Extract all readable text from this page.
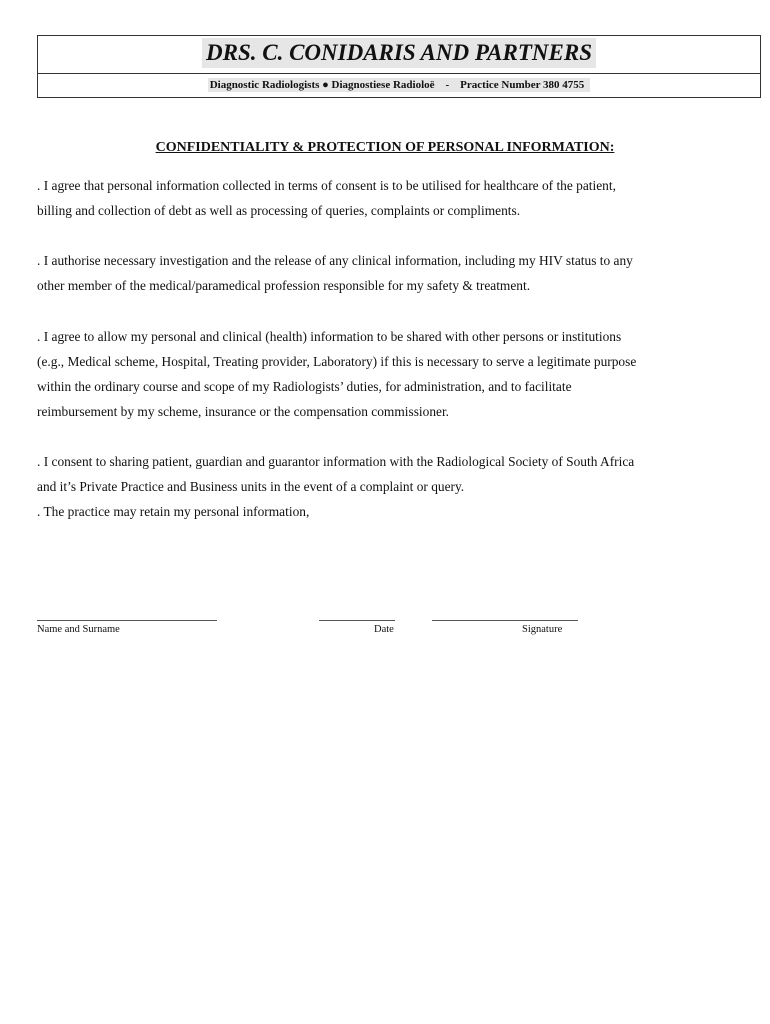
DRS. C. CONIDARIS AND PARTNERS
Diagnostic Radiologists ● Diagnostiese Radioloë    -    Practice Number 380 4755
CONFIDENTIALITY & PROTECTION OF PERSONAL INFORMATION:
. I agree that personal information collected in terms of consent is to be utilised for healthcare of the patient,
billing and collection of debt as well as processing of queries, complaints or compliments.
. I authorise necessary investigation and the release of any clinical information, including my HIV status to any
other member of the medical/paramedical profession responsible for my safety & treatment.
. I agree to allow my personal and clinical (health) information to be shared with other persons or institutions
(e.g., Medical scheme, Hospital, Treating provider, Laboratory) if this is necessary to serve a legitimate purpose
within the ordinary course and scope of my Radiologists’ duties, for administration, and to facilitate
reimbursement by my scheme, insurance or the compensation commissioner.
. I consent to sharing patient, guardian and guarantor information with the Radiological Society of South Africa
and it’s Private Practice and Business units in the event of a complaint or query.
. The practice may retain my personal information,
Name and Surname	Date	Signature
